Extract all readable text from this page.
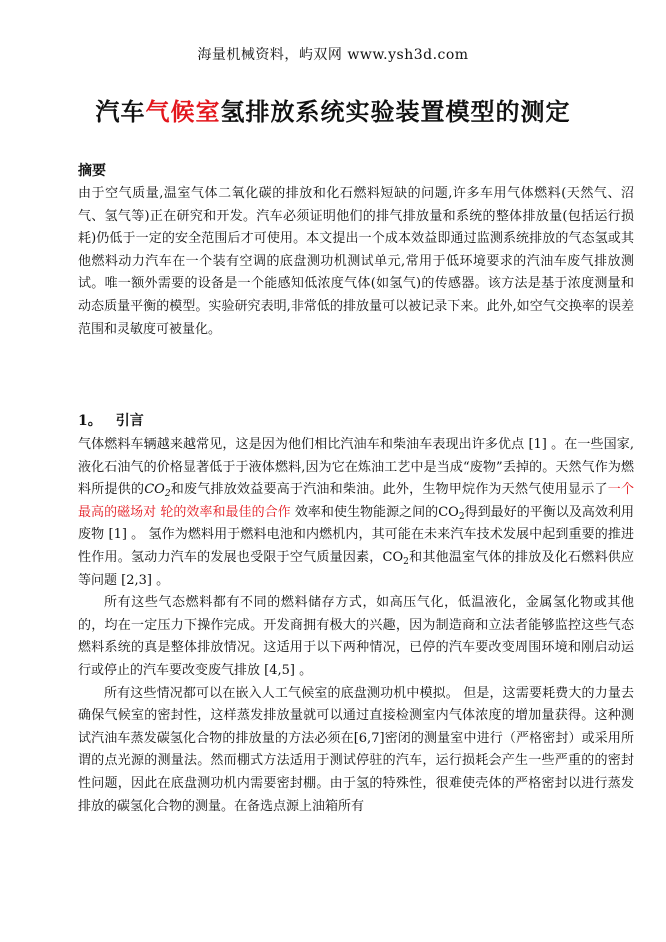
海量机械资料，屿双网 www.ysh3d.com
汽车气候室氢排放系统实验装置模型的测定
摘要

由于空气质量,温室气体二氧化碳的排放和化石燃料短缺的问题,许多车用气体燃料(天然气、沼气、氢气等)正在研究和开发。汽车必须证明他们的排气排放量和系统的整体排放量(包括运行损耗)仍低于一定的安全范围后才可使用。本文提出一个成本效益即通过监测系统排放的气态氢或其他燃料动力汽车在一个装有空调的底盘测功机测试单元,常用于低环境要求的汽油车废气排放测试。唯一额外需要的设备是一个能感知低浓度气体(如氢气)的传感器。该方法是基于浓度测量和动态质量平衡的模型。实验研究表明,非常低的排放量可以被记录下来。此外,如空气交换率的误差范围和灵敏度可被量化。

1。 引言

气体燃料车辆越来越常见，这是因为他们相比汽油车和柴油车表现出许多优点 [1] 。在一些国家,液化石油气的价格显著低于于液体燃料,因为它在炼油工艺中是当成“废物”丢掉的。天然气作为燃料所提供的$CO_2$和废气排放效益要高于汽油和柴油。此外，生物甲烷作为天然气使用显示了一个最高的磁场对 轮的效率和最佳的合作 效率和使生物能源之间的$CO_2$得到最好的平衡以及高效利用废物 [1] 。 氢作为燃料用于燃料电池和内燃机内，其可能在未来汽车技术发展中起到重要的推进性作用。氢动力汽车的发展也受限于空气质量因素，$CO_2$和其他温室气体的排放及化石燃料供应等问题 [2,3] 。

所有这些气态燃料都有不同的燃料储存方式，如高压气化，低温液化，金属氢化物或其他的，均在一定压力下操作完成。开发商拥有极大的兴趣，因为制造商和立法者能够监控这些气态燃料系统的真是整体排放情况。这适用于以下两种情况，已停的汽车要改变周围环境和刚启动运行或停止的汽车要改变废气排放 [4,5] 。

所有这些情况都可以在嵌入人工气候室的底盘测功机中模拟。 但是，这需要耗费大的力量去确保气候室的密封性，这样蒸发排放量就可以通过直接检测室内气体浓度的增加量获得。这种测试汽油车蒸发碳氢化合物的排放量的方法必须在[6,7]密闭的测量室中进行（严格密封）或采用所谓的点光源的测量法。然而棚式方法适用于测试停驻的汽车，运行损耗会产生一些严重的的密封性问题，因此在底盘测功机内需要密封棚。由于氢的特殊性，很难使壳体的严格密封以进行蒸发排放的碳氢化合物的测量。在备选点源上油箱所有
